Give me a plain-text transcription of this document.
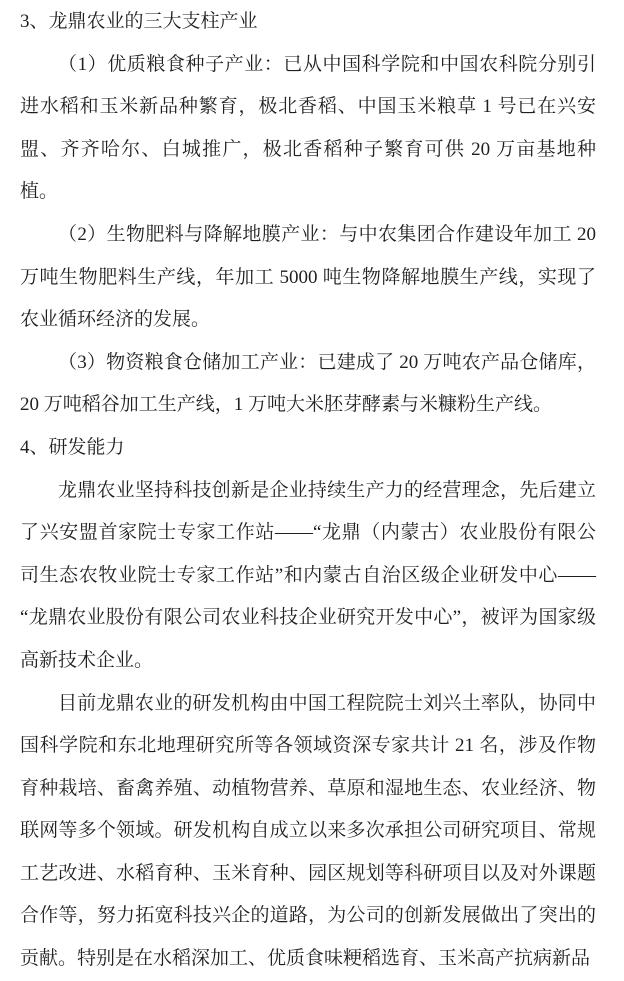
3、龙鼎农业的三大支柱产业

（1）优质粮食种子产业：已从中国科学院和中国农科院分别引进水稻和玉米新品种繁育，极北香稻、中国玉米粮草 1 号已在兴安盟、齐齐哈尔、白城推广，极北香稻种子繁育可供 20 万亩基地种植。

（2）生物肥料与降解地膜产业：与中农集团合作建设年加工 20 万吨生物肥料生产线，年加工 5000 吨生物降解地膜生产线，实现了农业循环经济的发展。

（3）物资粮食仓储加工产业：已建成了 20 万吨农产品仓储库，20 万吨稻谷加工生产线，1 万吨大米胚芽酵素与米糠粉生产线。

4、研发能力

龙鼎农业坚持科技创新是企业持续生产力的经营理念，先后建立了兴安盟首家院士专家工作站——“龙鼎（内蒙古）农业股份有限公司生态农牧业院士专家工作站”和内蒙古自治区级企业研发中心——“龙鼎农业股份有限公司农业科技企业研究开发中心”，被评为国家级高新技术企业。

目前龙鼎农业的研发机构由中国工程院院士刘兴土率队，协同中国科学院和东北地理研究所等各领域资深专家共计 21 名，涉及作物育种栽培、畜禽养殖、动植物营养、草原和湿地生态、农业经济、物联网等多个领域。研发机构自成立以来多次承担公司研究项目、常规工艺改进、水稻育种、玉米育种、园区规划等科研项目以及对外课题合作等，努力拓宽科技兴企的道路，为公司的创新发展做出了突出的贡献。特别是在水稻深加工、优质食味粳稻选育、玉米高产抗病新品
